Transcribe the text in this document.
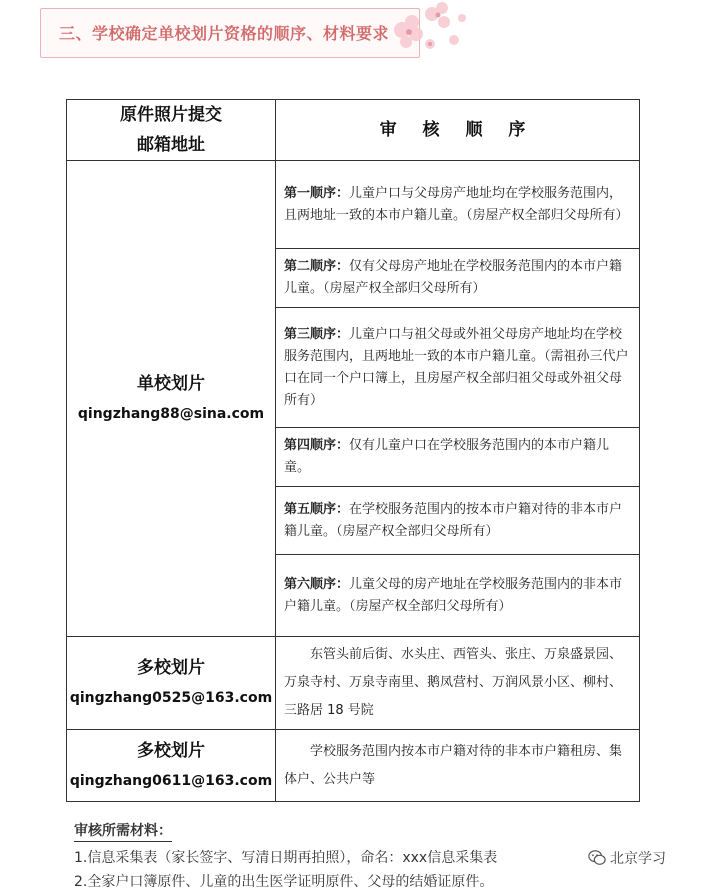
三、学校确定单校划片资格的顺序、材料要求
原件照片提交
邮箱地址	审 核 顺 序

单校划片
qingzhang88@sina.com	第一顺序：儿童户口与父母房产地址均在学校服务范围内，且两地址一致的本市户籍儿童。（房屋产权全部归父母所有）
	第二顺序：仅有父母房产地址在学校服务范围内的本市户籍儿童。（房屋产权全部归父母所有）
	第三顺序：儿童户口与祖父母或外祖父母房产地址均在学校服务范围内，且两地址一致的本市户籍儿童。（需祖孙三代户口在同一个户口簿上，且房屋产权全部归祖父母或外祖父母所有）
	第四顺序：仅有儿童户口在学校服务范围内的本市户籍儿童。
	第五顺序：在学校服务范围内的按本市户籍对待的非本市户籍儿童。（房屋产权全部归父母所有）
	第六顺序：儿童父母的房产地址在学校服务范围内的非本市户籍儿童。（房屋产权全部归父母所有）

多校划片
qingzhang0525@163.com	东管头前后街、水头庄、西管头、张庄、万泉盛景园、万泉寺村、万泉寺南里、鹅凤营村、万润风景小区、柳村、三路居 18 号院

多校划片
qingzhang0611@163.com	学校服务范围内按本市户籍对待的非本市户籍租房、集体户、公共户等
审核所需材料：
1.信息采集表（家长签字、写清日期再拍照），命名：xxx信息采集表
2.全家户口簿原件、儿童的出生医学证明原件、父母的结婚证原件。
北京学习
